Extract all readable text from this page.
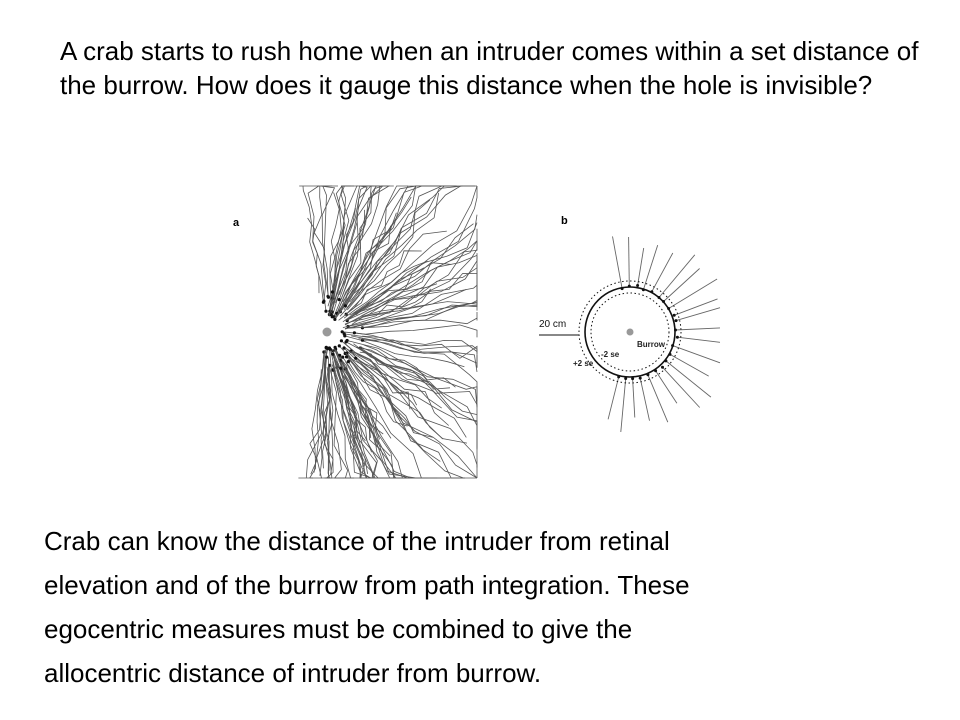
A crab starts to rush home when an intruder comes within a set distance of the burrow. How does it gauge this distance when the hole is invisible?

a	b
Burrow
-2 se
+2 se
20 cm

Crab can know the distance of the intruder from retinal
elevation and of the burrow from path integration. These
egocentric measures must be combined to give the
allocentric distance of intruder from burrow.
